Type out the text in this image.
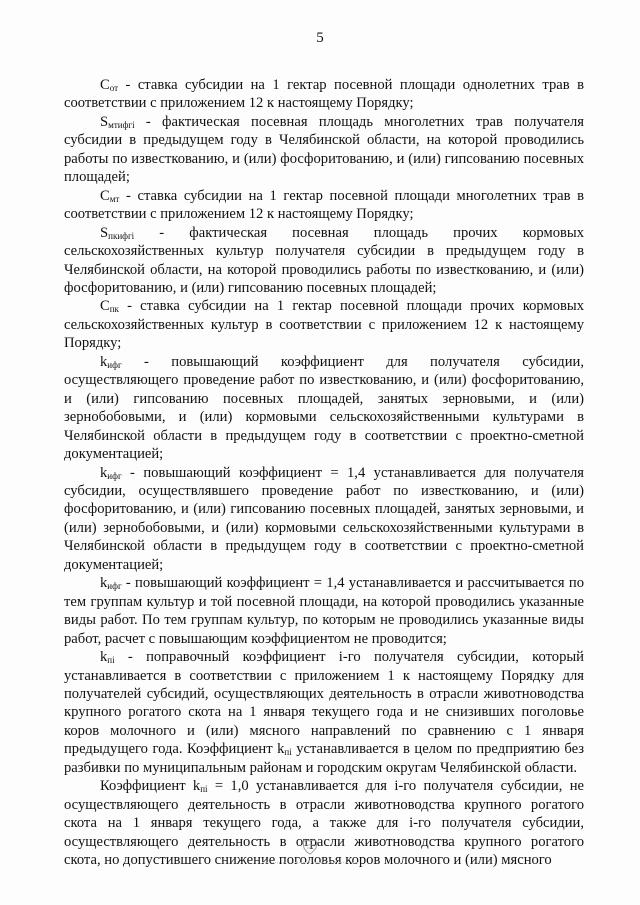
5

$С_{от}$ - ставка субсидии на 1 гектар посевной площади однолетних трав в соответствии с приложением 12 к настоящему Порядку;

$S_{мтифгi}$ - фактическая посевная площадь многолетних трав получателя субсидии в предыдущем году в Челябинской области, на которой проводились работы по известкованию, и (или) фосфоритованию, и (или) гипсованию посевных площадей;

$С_{мт}$ - ставка субсидии на 1 гектар посевной площади многолетних трав в соответствии с приложением 12 к настоящему Порядку;

$S_{пкифгi}$ - фактическая посевная площадь прочих кормовых сельскохозяйственных культур получателя субсидии в предыдущем году в Челябинской области, на которой проводились работы по известкованию, и (или) фосфоритованию, и (или) гипсованию посевных площадей;

$С_{пк}$ - ставка субсидии на 1 гектар посевной площади прочих кормовых сельскохозяйственных культур в соответствии с приложением 12 к настоящему Порядку;

$k_{ифг}$ - повышающий коэффициент для получателя субсидии, осуществляющего проведение работ по известкованию, и (или) фосфоритованию, и (или) гипсованию посевных площадей, занятых зерновыми, и (или) зернобобовыми, и (или) кормовыми сельскохозяйственными культурами в Челябинской области в предыдущем году в соответствии с проектно-сметной документацией;

$k_{ифг}$ - повышающий коэффициент = 1,4 устанавливается для получателя субсидии, осуществлявшего проведение работ по известкованию, и (или) фосфоритованию, и (или) гипсованию посевных площадей, занятых зерновыми, и (или) зернобобовыми, и (или) кормовыми сельскохозяйственными культурами в Челябинской области в предыдущем году в соответствии с проектно-сметной документацией;

$k_{ифг}$ - повышающий коэффициент = 1,4 устанавливается и рассчитывается по тем группам культур и той посевной площади, на которой проводились указанные виды работ. По тем группам культур, по которым не проводились указанные виды работ, расчет с повышающим коэффициентом не проводится;

$k_{пi}$ - поправочный коэффициент i-го получателя субсидии, который устанавливается в соответствии с приложением 1 к настоящему Порядку для получателей субсидий, осуществляющих деятельность в отрасли животноводства крупного рогатого скота на 1 января текущего года и не снизивших поголовье коров молочного и (или) мясного направлений по сравнению с 1 января предыдущего года. Коэффициент $k_{пi}$ устанавливается в целом по предприятию без разбивки по муниципальным районам и городским округам Челябинской области.

Коэффициент $k_{пi} = 1,0$ устанавливается для i-го получателя субсидии, не осуществляющего деятельность в отрасли животноводства крупного рогатого скота на 1 января текущего года, а также для i-го получателя субсидии, осуществляющего деятельность в отрасли животноводства крупного рогатого скота, но допустившего снижение поголовья коров молочного и (или) мясного
